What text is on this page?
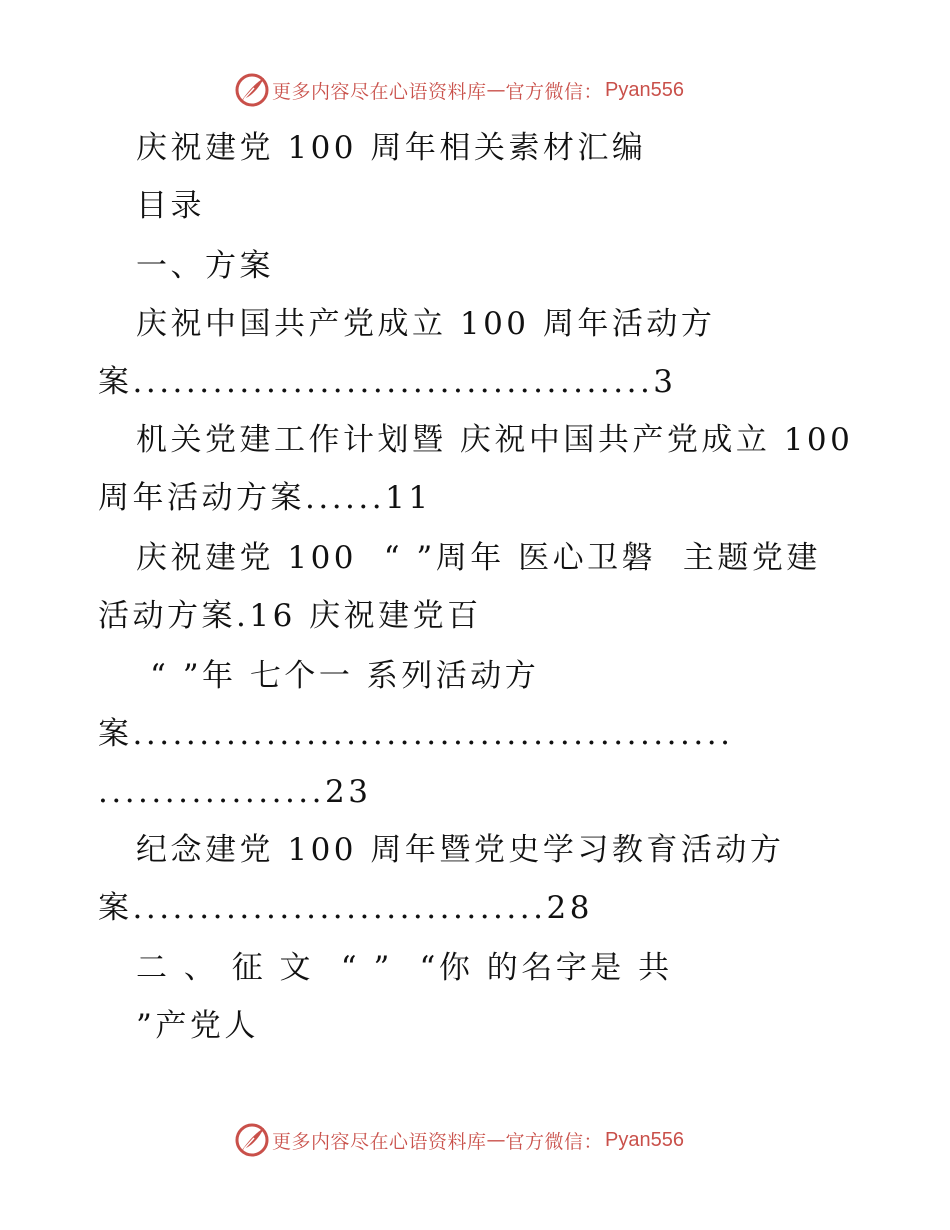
更多内容尽在心语资料库 — 官方微信： Pyan556
庆祝建党 100 周年相关素材汇编
目录
一、方案
庆祝中国共产党成立 100 周年活动方
案.......................................3
机关党建工作计划暨 庆祝中国共产党成立 100
周年活动方案......11
庆祝建党 100  “ ”周年 医心卫磐  主题党建
活动方案.16 庆祝建党百
“ ”年 七个一 系列活动方
案.............................................
.................23
纪念建党 100 周年暨党史学习教育活动方
案...............................28
二 、 征 文  “ ”  “你 的名字是 共
”产党人
更多内容尽在心语资料库 — 官方微信： Pyan556
